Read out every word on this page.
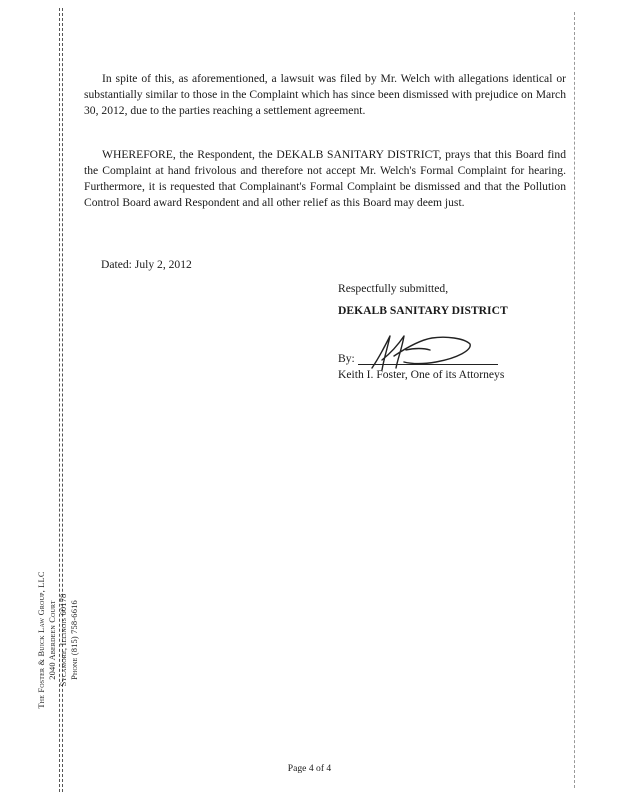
In spite of this, as aforementioned, a lawsuit was filed by Mr. Welch with allegations identical or substantially similar to those in the Complaint which has since been dismissed with prejudice on March 30, 2012, due to the parties reaching a settlement agreement.

WHEREFORE, the Respondent, the DEKALB SANITARY DISTRICT, prays that this Board find the Complaint at hand frivolous and therefore not accept Mr. Welch's Formal Complaint for hearing. Furthermore, it is requested that Complainant's Formal Complaint be dismissed and that the Pollution Control Board award Respondent and all other relief as this Board may deem just.

Dated: July 2, 2012
Respectfully submitted,
DEKALB SANITARY DISTRICT
By:
Keith I. Foster, One of its Attorneys
The Foster & Buick Law Group, LLC 2040 Aberdeen Court Sycamore, Illinois 60178 Phone (815) 758-6616
Page 4 of 4
